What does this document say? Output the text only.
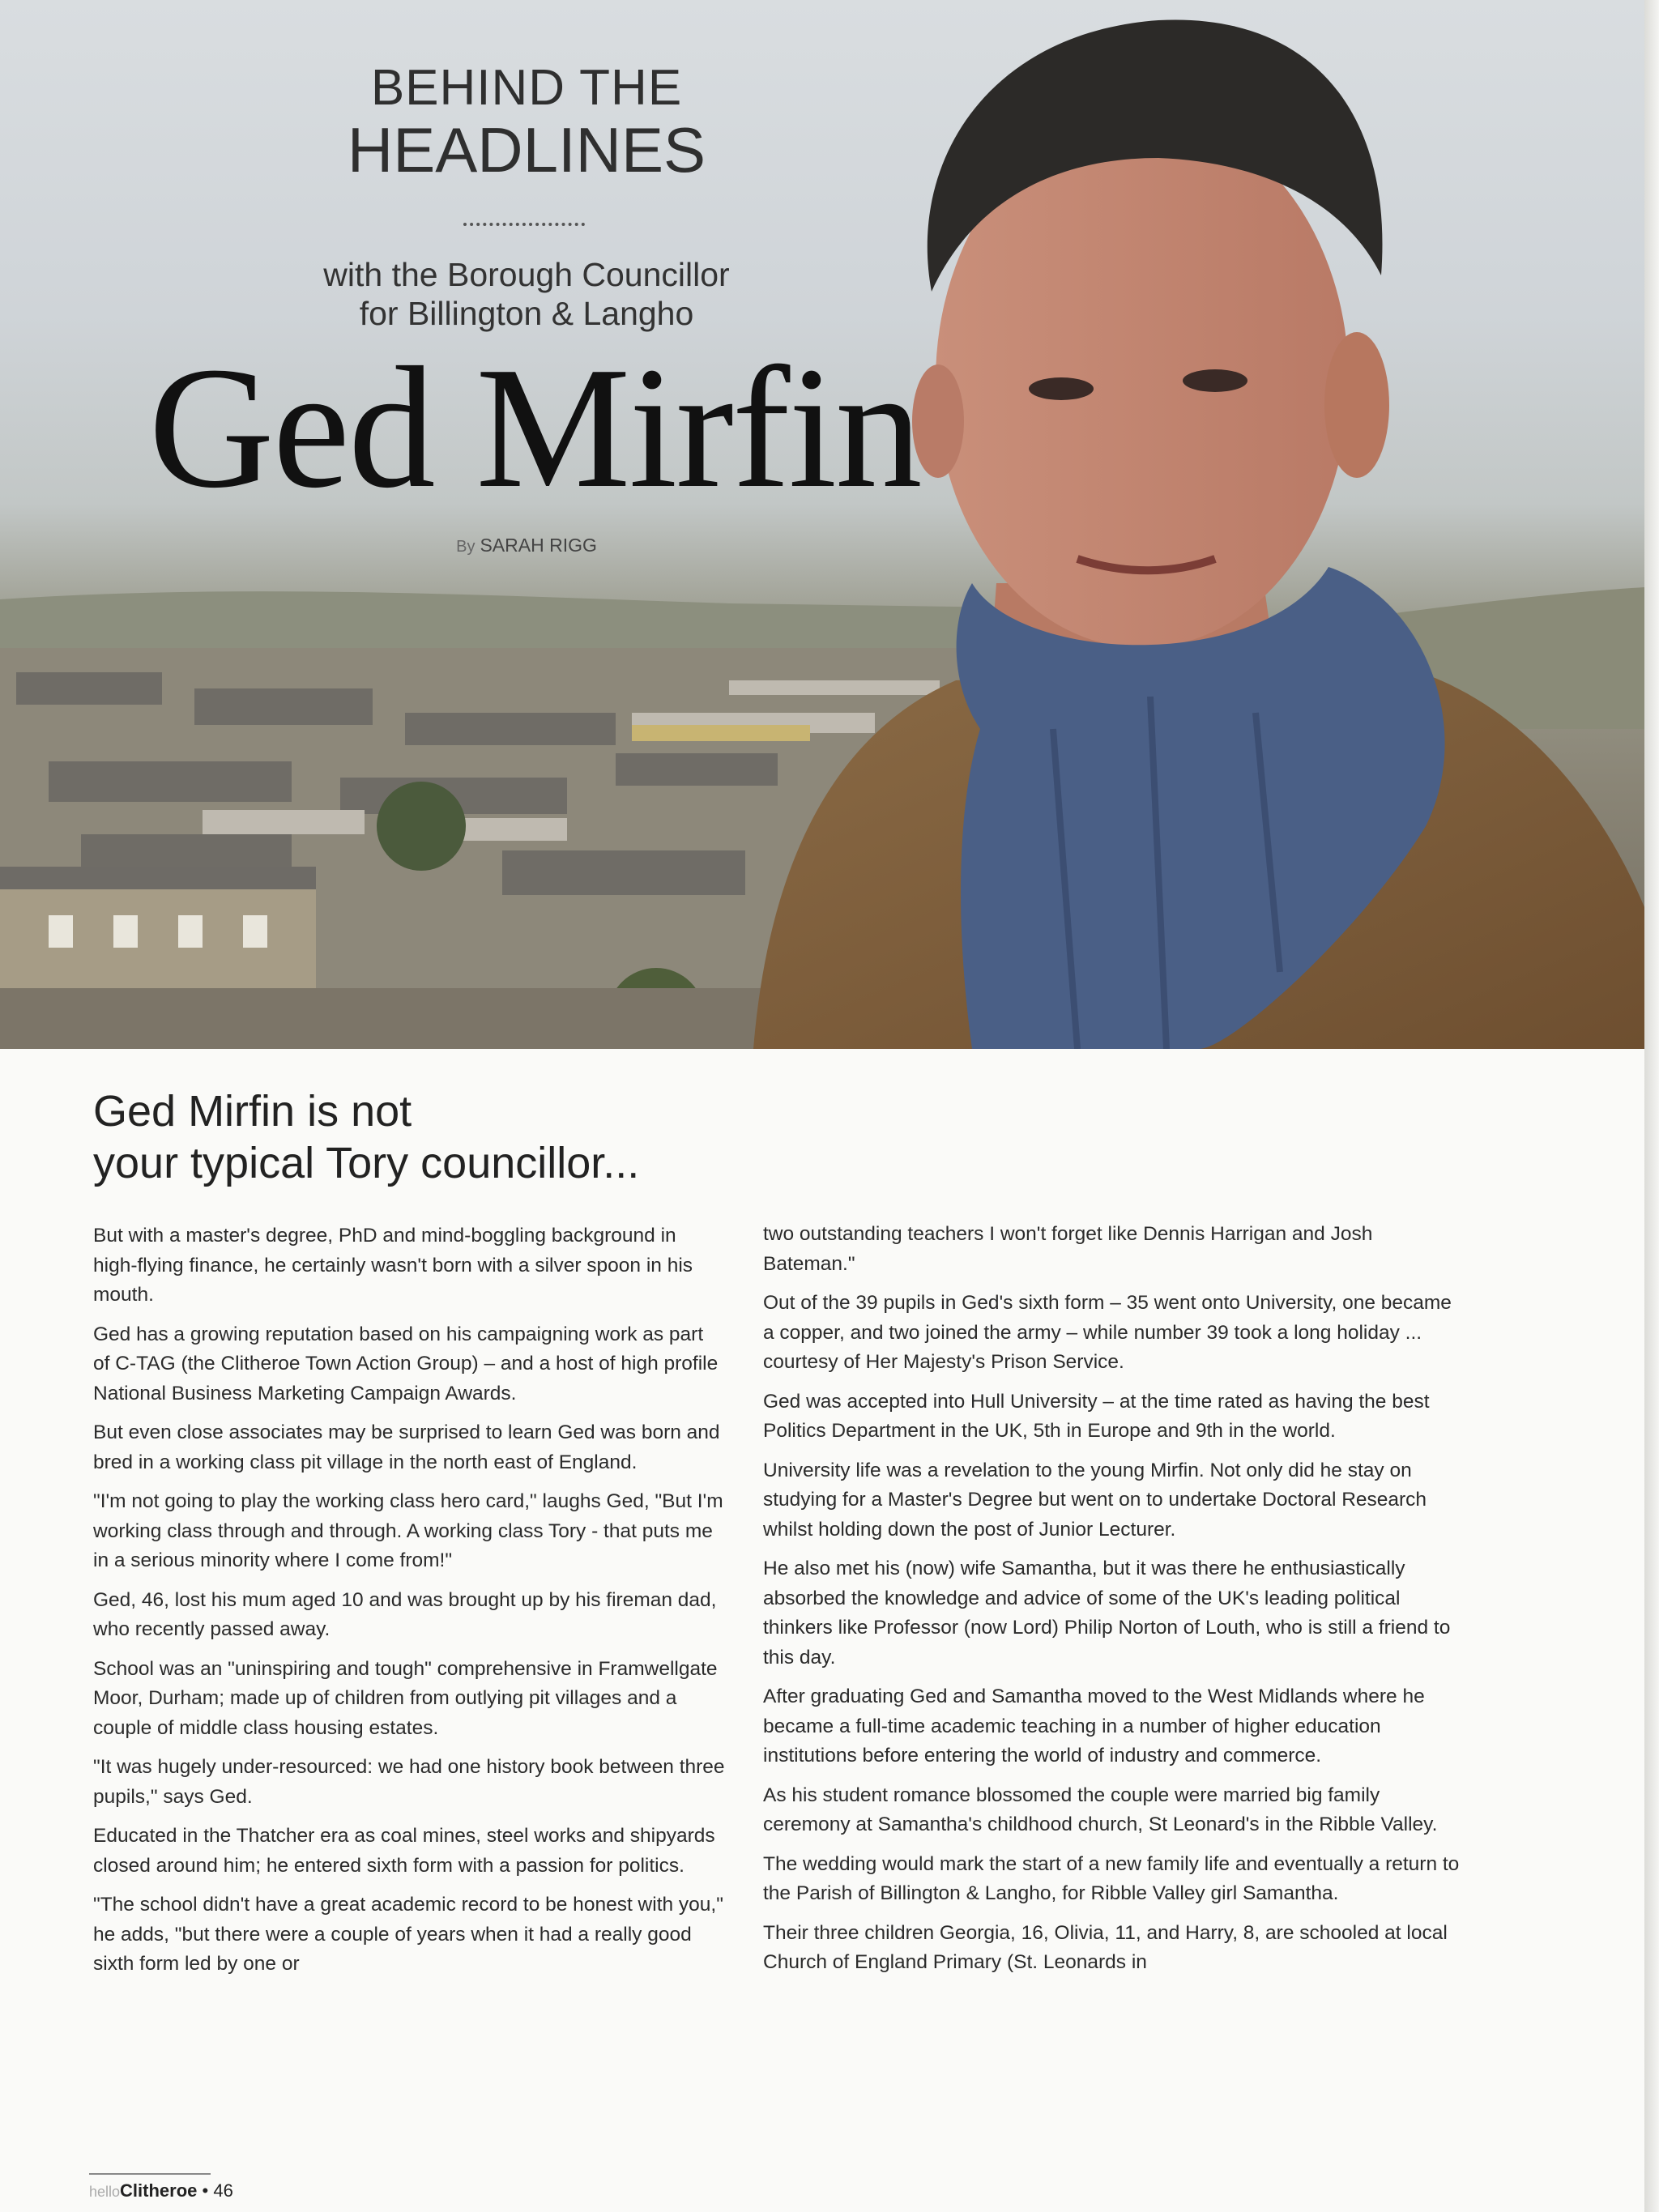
BEHIND THE
HEADLINES
with the Borough Councillor
for Billington & Langho
Ged Mirfin
By SARAH RIGG
Ged Mirfin is not
your typical Tory councillor...

But with a master's degree, PhD and mind-boggling background in high-flying finance, he certainly wasn't born with a silver spoon in his mouth.

Ged has a growing reputation based on his campaigning work as part of C-TAG (the Clitheroe Town Action Group) – and a host of high profile National Business Marketing Campaign Awards.

But even close associates may be surprised to learn Ged was born and bred in a working class pit village in the north east of England.

"I'm not going to play the working class hero card," laughs Ged, "But I'm working class through and through. A working class Tory - that puts me in a serious minority where I come from!"

Ged, 46, lost his mum aged 10 and was brought up by his fireman dad, who recently passed away.

School was an "uninspiring and tough" comprehensive in Framwellgate Moor, Durham; made up of children from outlying pit villages and a couple of middle class housing estates.

"It was hugely under-resourced: we had one history book between three pupils," says Ged.

Educated in the Thatcher era as coal mines, steel works and shipyards closed around him; he entered sixth form with a passion for politics.

"The school didn't have a great academic record to be honest with you," he adds, "but there were a couple of years when it had a really good sixth form led by one or

two outstanding teachers I won't forget like Dennis Harrigan and Josh Bateman."

Out of the 39 pupils in Ged's sixth form – 35 went onto University, one became a copper, and two joined the army – while number 39 took a long holiday ... courtesy of Her Majesty's Prison Service.

Ged was accepted into Hull University – at the time rated as having the best Politics Department in the UK, 5th in Europe and 9th in the world.

University life was a revelation to the young Mirfin. Not only did he stay on studying for a Master's Degree but went on to undertake Doctoral Research whilst holding down the post of Junior Lecturer.

He also met his (now) wife Samantha, but it was there he enthusiastically absorbed the knowledge and advice of some of the UK's leading political thinkers like Professor (now Lord) Philip Norton of Louth, who is still a friend to this day.

After graduating Ged and Samantha moved to the West Midlands where he became a full-time academic teaching in a number of higher education institutions before entering the world of industry and commerce.

As his student romance blossomed the couple were married big family ceremony at Samantha's childhood church, St Leonard's in the Ribble Valley.

The wedding would mark the start of a new family life and eventually a return to the Parish of Billington & Langho, for Ribble Valley girl Samantha.

Their three children Georgia, 16, Olivia, 11, and Harry, 8, are schooled at local Church of England Primary (St. Leonards in

helloClitheroe • 46
